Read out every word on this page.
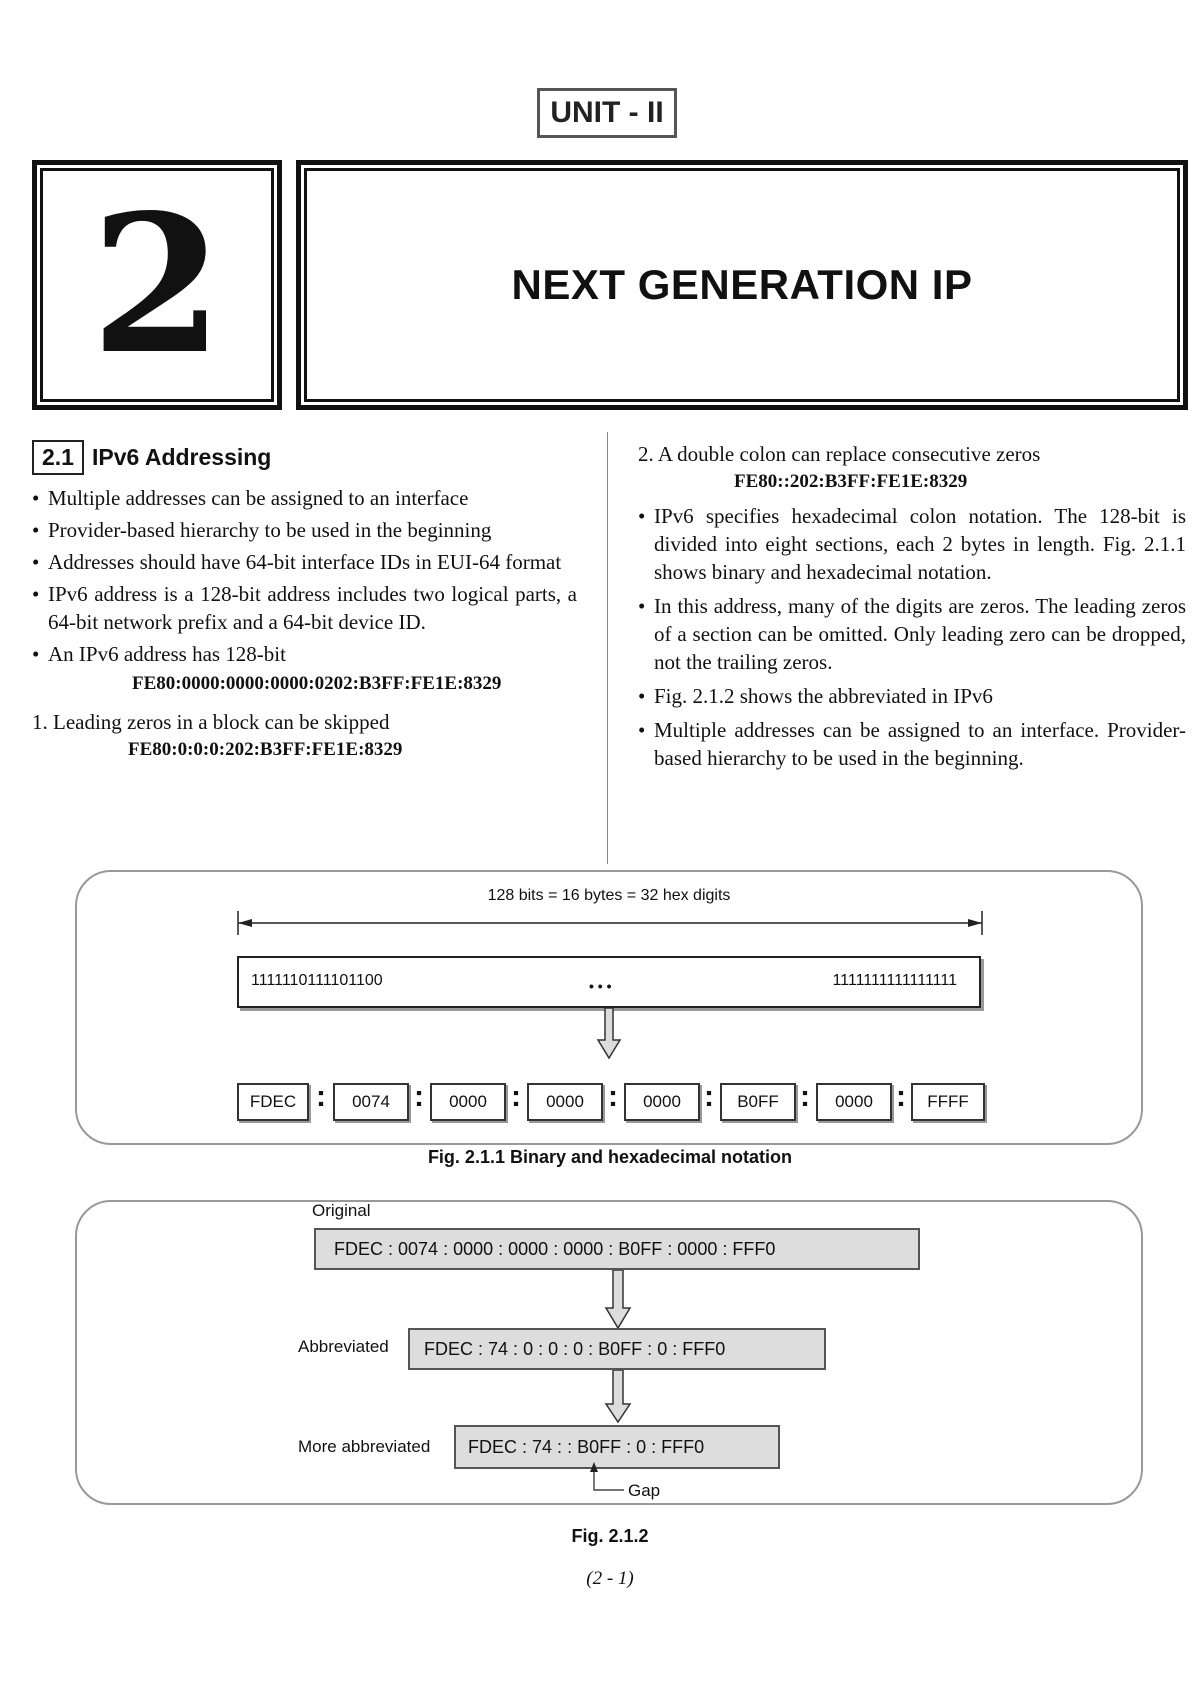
UNIT - II
2	NEXT GENERATION IP
2.1 IPv6 Addressing

• Multiple addresses can be assigned to an interface

• Provider-based hierarchy to be used in the beginning

• Addresses should have 64-bit interface IDs in EUI-64 format

• IPv6 address is a 128-bit address includes two logical parts, a 64-bit network prefix and a 64-bit device ID.

• An IPv6 address has 128-bit

FE80:0000:0000:0000:0202:B3FF:FE1E:8329

1. Leading zeros in a block can be skipped

FE80:0:0:0:202:B3FF:FE1E:8329

2. A double colon can replace consecutive zeros

FE80::202:B3FF:FE1E:8329

• IPv6 specifies hexadecimal colon notation. The 128-bit is divided into eight sections, each 2 bytes in length. Fig. 2.1.1 shows binary and hexadecimal notation.

• In this address, many of the digits are zeros. The leading zeros of a section can be omitted. Only leading zero can be dropped, not the trailing zeros.

• Fig. 2.1.2 shows the abbreviated in IPv6

• Multiple addresses can be assigned to an interface. Provider-based hierarchy to be used in the beginning.

128 bits = 16 bytes = 32 hex digits
1111110111101100	• • •	1111111111111111
FDEC :	0074 :	0000 :	0000 :	0000 :	B0FF :	0000 :	FFFF
Fig. 2.1.1 Binary and hexadecimal notation
Original
FDEC : 0074 : 0000 : 0000 : 0000 : B0FF : 0000 : FFF0
Abbreviated FDEC : 74 : 0 : 0 : 0 : B0FF : 0 : FFF0
More abbreviated FDEC : 74 : : B0FF : 0 : FFF0
Gap
Fig. 2.1.2
(2 - 1)
